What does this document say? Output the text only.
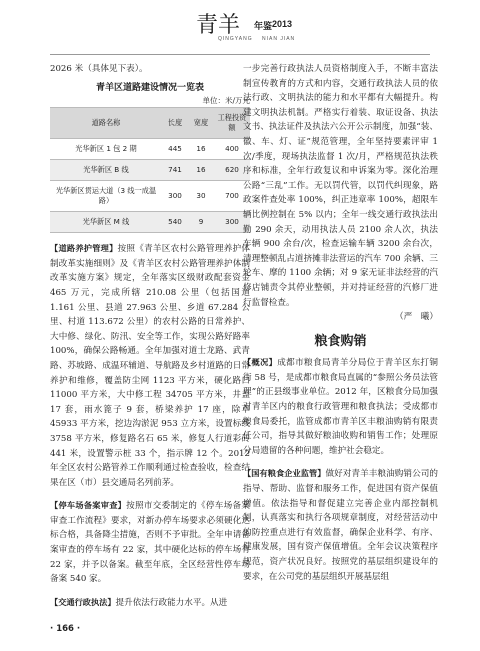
青羊 年鉴 2013
QINGYANG NIAN JIAN

2026 米（具体见下表）。

青羊区道路建设情况一览表
单位：米/万元
道路名称	长度	宽度	工程投资额
光华新区 1 包 2 期	445	16	400
光华新区 B 线	741	16	620
光华新区贯运大道（3 线一成温路）	300	30	700
光华新区 M 线	540	9	300

【道路养护管理】按照《青羊区农村公路管理养护体制改革实施细则》及《青羊区农村公路管理养护体制改革实施方案》规定，全年落实区级财政配套资金 465 万元，完成所辖 210.08 公里（包括国道 1.161 公里、县道 27.963 公里、乡道 67.284 公里、村道 113.672 公里）的农村公路的日常养护、大中修、绿化、防汛、安全等工作，实现公路好路率 100%，确保公路畅通。全年加强对道士龙路、武青路、苏坡路、成温环辅道、导航路及乡村道路的日常养护和维修，覆盖防尘网 1123 平方米，硬化路口 11000 平方米，大中修工程 34705 平方米，井盖 17 套，雨水篦子 9 套，桥梁养护 17 座，除草 45933 平方米，挖边沟淤泥 953 立方米，设置标线 3758 平方米，修复路名石 65 米，修复人行道彩砖 441 米，设置警示桩 33 个，指示牌 12 个。2012 年全区农村公路管养工作顺利通过检查验收，检查结果在区（市）县交通局名列前茅。

【停车场备案审查】按照市交委制定的《停车场备案审查工作流程》要求，对新办停车场要求必须硬化达标合格，具备降尘措施，否则不予审批。全年申请备案审查的停车场有 22 家，其中硬化达标的停车场有 22 家，并予以备案。截至年底，全区经营性停车场备案 540 家。

【交通行政执法】提升依法行政能力水平。从进

一步完善行政执法人员资格制度入手，不断丰富法制宣传教育的方式和内容，交通行政执法人员的依法行政、文明执法的能力和水平都有大幅提升。构建文明执法机制。严格实行着装、取证设备、执法文书、执法证件及执法六公开公示制度，加强“装、徽、车、灯、证”规范管理，全年坚持要素评审 1 次/季度，现场执法监督 1 次/月，严格规范执法秩序和标准，全年行政复议和申诉案为零。深化治理公路“三乱”工作。无以罚代管，以罚代纠现象，路政案件查处率 100%，纠正违章率 100%，超限车辆比例控制在 5% 以内；全年一线交通行政执法出勤 290 余天，动用执法人员 2100 余人次，执法车辆 900 余台/次，检查运输车辆 3200 余台次，清理整顿乱占道挤摊非法营运的汽车 700 余辆、三轮车、摩的 1100 余辆；对 9 家无证非法经营的汽修店铺责令其停业整顿，并对持证经营的汽修厂进行监督检查。

（严　曦）

粮食购销

【概况】成都市粮食局青羊分局位于青羊区东打铜街 58 号，是成都市粮食局直属的“参照公务员法管理”的正县级事业单位。2012 年，区粮食分局加强对青羊区内的粮食行政管理和粮食执法；受成都市粮食局委托，监管成都市青羊区丰粮油购销有限责任公司，指导其做好粮油收购和销售工作；处理原分局遗留的各种问题，维护社会稳定。

【国有粮食企业监管】做好对青羊丰粮油购销公司的指导、帮助、监督和服务工作，促进国有资产保值增值。依法指导和督促建立完善企业内部控制机制，认真落实和执行各项规章制度，对经营活动中的防控重点进行有效监督，确保企业科学、有序、健康发展，国有资产保值增值。全年会议决策程序规范，资产状况良好。按照党的基层组织建设年的要求，在公司党的基层组织开展基层组

· 166 ·
